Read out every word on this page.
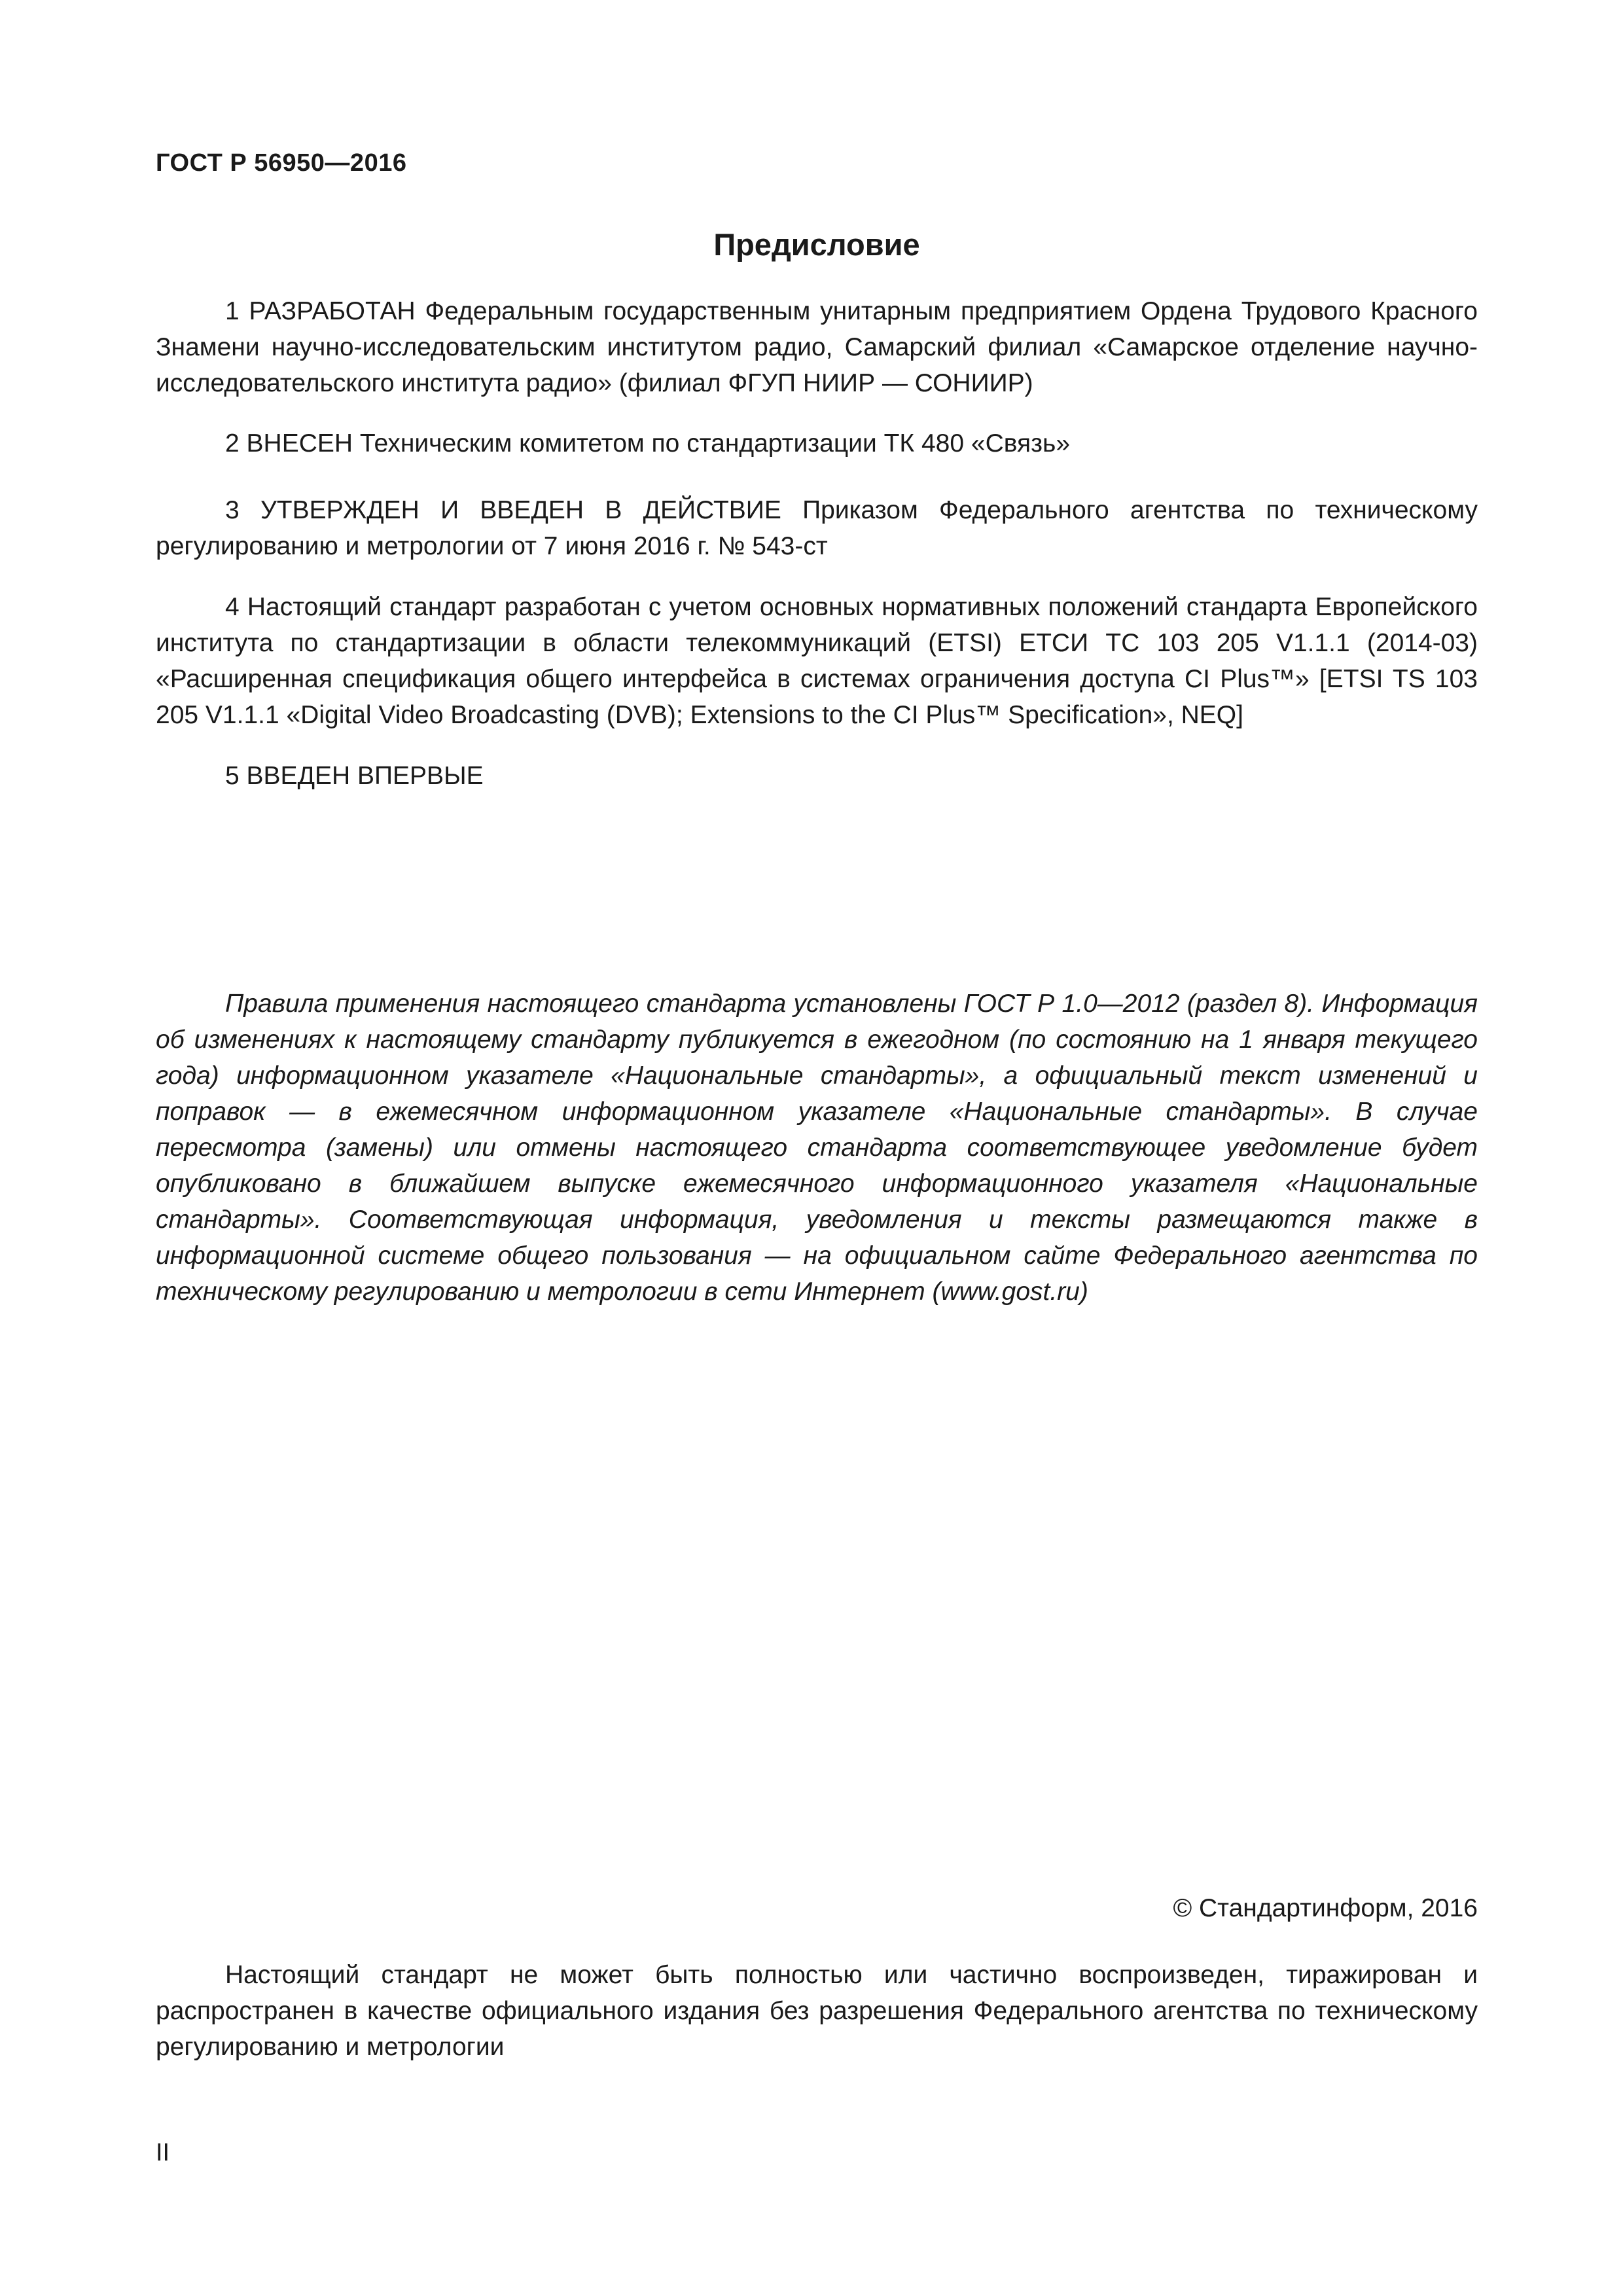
ГОСТ Р 56950—2016
Предисловие

1 РАЗРАБОТАН Федеральным государственным унитарным предприятием Ордена Трудового Красного Знамени научно-исследовательским институтом радио, Самарский филиал «Самарское отделение научно-исследовательского института радио» (филиал ФГУП НИИР — СОНИИР)

2 ВНЕСЕН Техническим комитетом по стандартизации ТК 480 «Связь»

3 УТВЕРЖДЕН И ВВЕДЕН В ДЕЙСТВИЕ Приказом Федерального агентства по техническому регулированию и метрологии от 7 июня 2016 г. № 543-ст

4 Настоящий стандарт разработан с учетом основных нормативных положений стандарта Европейского института по стандартизации в области телекоммуникаций (ETSI) ЕТСИ ТС 103 205 V1.1.1 (2014-03) «Расширенная спецификация общего интерфейса в системах ограничения доступа CI Plus™» [ETSI TS 103 205 V1.1.1 «Digital Video Broadcasting (DVB); Extensions to the CI Plus™ Specification», NEQ]

5 ВВЕДЕН ВПЕРВЫЕ

Правила применения настоящего стандарта установлены ГОСТ Р 1.0—2012 (раздел 8). Информация об изменениях к настоящему стандарту публикуется в ежегодном (по состоянию на 1 января текущего года) информационном указателе «Национальные стандарты», а официальный текст изменений и поправок — в ежемесячном информационном указателе «Национальные стандарты». В случае пересмотра (замены) или отмены настоящего стандарта соответствующее уведомление будет опубликовано в ближайшем выпуске ежемесячного информационного указателя «Национальные стандарты». Соответствующая информация, уведомления и тексты размещаются также в информационной системе общего пользования — на официальном сайте Федерального агентства по техническому регулированию и метрологии в сети Интернет (www.gost.ru)

© Стандартинформ, 2016

Настоящий стандарт не может быть полностью или частично воспроизведен, тиражирован и распространен в качестве официального издания без разрешения Федерального агентства по техническому регулированию и метрологии

II
